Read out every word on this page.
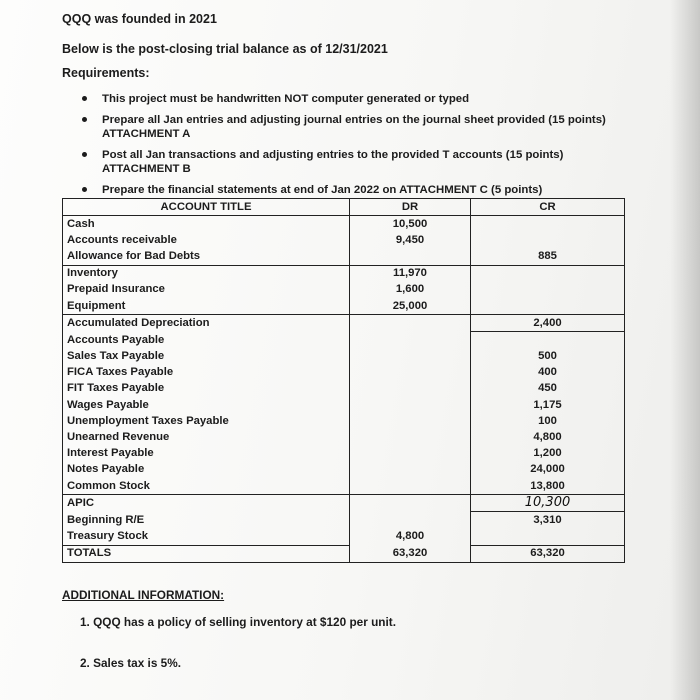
QQQ was founded in 2021
Below is the post-closing trial balance as of 12/31/2021
Requirements:
This project must be handwritten NOT computer generated or typed
Prepare all Jan entries and adjusting journal entries on the journal sheet provided (15 points) ATTACHMENT A
Post all Jan transactions and adjusting entries to the provided T accounts (15 points) ATTACHMENT B
Prepare the financial statements at end of Jan 2022 on ATTACHMENT C (5 points)
ACCOUNT TITLE	DR	CR
Cash	10,500	
Accounts receivable	9,450	
Allowance for Bad Debts		885
Inventory	11,970	
Prepaid Insurance	1,600	
Equipment	25,000	
Accumulated Depreciation		2,400
Accounts Payable		
Sales Tax Payable		500
FICA Taxes Payable		400
FIT Taxes Payable		450
Wages Payable		1,175
Unemployment Taxes Payable		100
Unearned Revenue		4,800
Interest Payable		1,200
Notes Payable		24,000
Common Stock		13,800
APIC		10,300
Beginning R/E		3,310
Treasury Stock	4,800	
TOTALS	63,320	63,320
ADDITIONAL INFORMATION:
1. QQQ has a policy of selling inventory at $120 per unit.
2. Sales tax is 5%.
